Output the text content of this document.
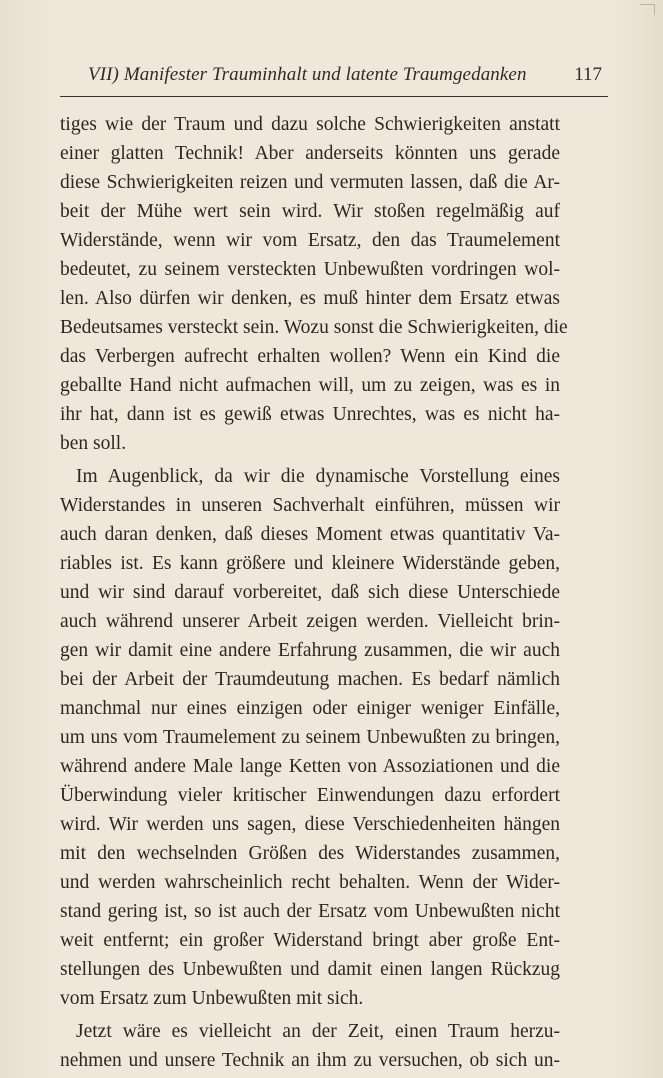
VII) Manifester Trauminhalt und latente Traumgedanken	117
tiges wie der Traum und dazu solche Schwierigkeiten anstatt
einer glatten Technik! Aber anderseits könnten uns gerade
diese Schwierigkeiten reizen und vermuten lassen, daß die Ar-
beit der Mühe wert sein wird. Wir stoßen regelmäßig auf
Widerstände, wenn wir vom Ersatz, den das Traumelement
bedeutet, zu seinem versteckten Unbewußten vordringen wol-
len. Also dürfen wir denken, es muß hinter dem Ersatz etwas
Bedeutsames versteckt sein. Wozu sonst die Schwierigkeiten, die
das Verbergen aufrecht erhalten wollen? Wenn ein Kind die
geballte Hand nicht aufmachen will, um zu zeigen, was es in
ihr hat, dann ist es gewiß etwas Unrechtes, was es nicht ha-
ben soll.
Im Augenblick, da wir die dynamische Vorstellung eines
Widerstandes in unseren Sachverhalt einführen, müssen wir
auch daran denken, daß dieses Moment etwas quantitativ Va-
riables ist. Es kann größere und kleinere Widerstände geben,
und wir sind darauf vorbereitet, daß sich diese Unterschiede
auch während unserer Arbeit zeigen werden. Vielleicht brin-
gen wir damit eine andere Erfahrung zusammen, die wir auch
bei der Arbeit der Traumdeutung machen. Es bedarf nämlich
manchmal nur eines einzigen oder einiger weniger Einfälle,
um uns vom Traumelement zu seinem Unbewußten zu bringen,
während andere Male lange Ketten von Assoziationen und die
Überwindung vieler kritischer Einwendungen dazu erfordert
wird. Wir werden uns sagen, diese Verschiedenheiten hängen
mit den wechselnden Größen des Widerstandes zusammen,
und werden wahrscheinlich recht behalten. Wenn der Wider-
stand gering ist, so ist auch der Ersatz vom Unbewußten nicht
weit entfernt; ein großer Widerstand bringt aber große Ent-
stellungen des Unbewußten und damit einen langen Rückzug
vom Ersatz zum Unbewußten mit sich.
Jetzt wäre es vielleicht an der Zeit, einen Traum herzu-
nehmen und unsere Technik an ihm zu versuchen, ob sich un-
